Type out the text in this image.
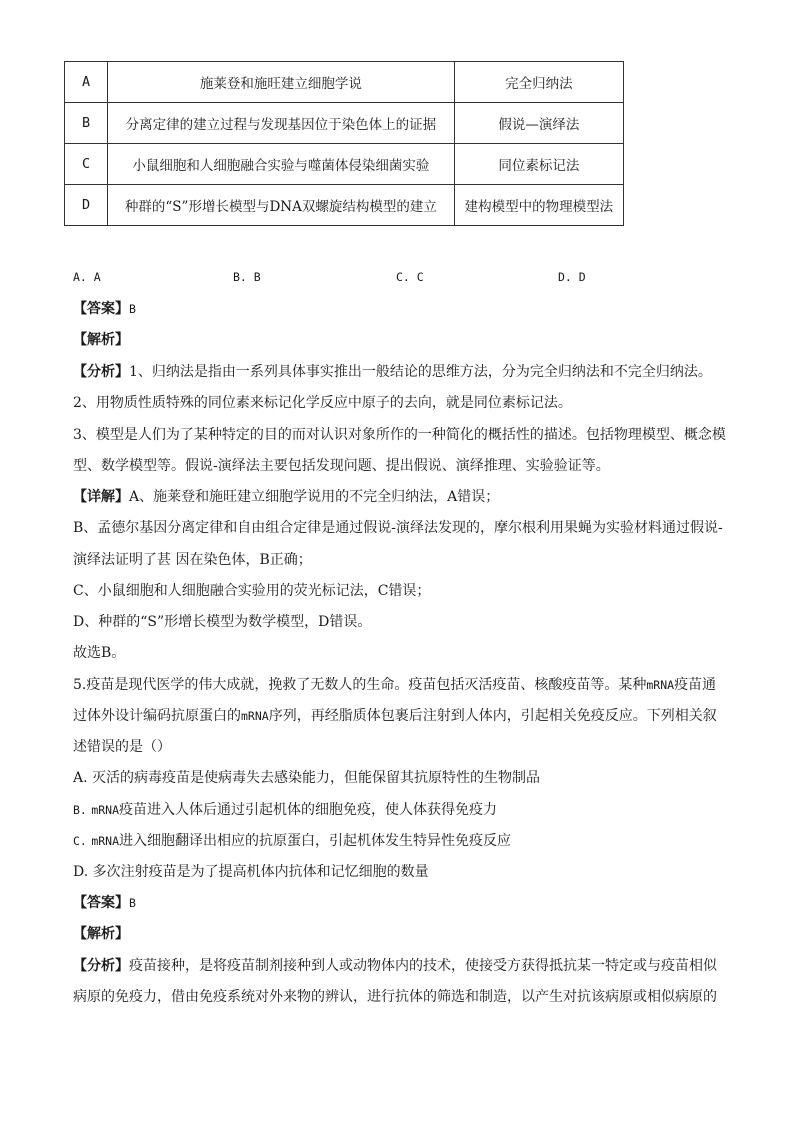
A	施莱登和施旺建立细胞学说	完全归纳法
B	分离定律的建立过程与发现基因位于染色体上的证据	假说—演绎法
C	小鼠细胞和人细胞融合实验与噬菌体侵染细菌实验	同位素标记法
D	种群的“S”形增长模型与DNA双螺旋结构模型的建立	建构模型中的物理模型法
A. A	B. B	C. C	D. D
【答案】B
【解析】
【分析】1、归纳法是指由一系列具体事实推出一般结论的思维方法，分为完全归纳法和不完全归纳法。
2、用物质性质特殊的同位素来标记化学反应中原子的去向，就是同位素标记法。
3、模型是人们为了某种特定的目的而对认识对象所作的一种简化的概括性的描述。包括物理模型、概念模
型、数学模型等。假说-演绎法主要包括发现问题、提出假说、演绎推理、实验验证等。
【详解】A、施莱登和施旺建立细胞学说用的不完全归纳法，A错误；
B、孟德尔基因分离定律和自由组合定律是通过假说-演绎法发现的，摩尔根利用果蝇为实验材料通过假说-
演绎法证明了甚 因在染色体，B正确；
C、小鼠细胞和人细胞融合实验用的荧光标记法，C错误；
D、种群的“S”形增长模型为数学模型，D错误。
故选B。
5.疫苗是现代医学的伟大成就，挽救了无数人的生命。疫苗包括灭活疫苗、核酸疫苗等。某种mRNA疫苗通
过体外设计编码抗原蛋白的mRNA序列，再经脂质体包裹后注射到人体内，引起相关免疫反应。下列相关叙
述错误的是（）
A. 灭活的病毒疫苗是使病毒失去感染能力，但能保留其抗原特性的生物制品
B. mRNA疫苗进入人体后通过引起机体的细胞免疫，使人体获得免疫力
C. mRNA进入细胞翻译出相应的抗原蛋白，引起机体发生特异性免疫反应
D. 多次注射疫苗是为了提高机体内抗体和记忆细胞的数量
【答案】B
【解析】
【分析】疫苗接种，是将疫苗制剂接种到人或动物体内的技术，使接受方获得抵抗某一特定或与疫苗相似
病原的免疫力，借由免疫系统对外来物的辨认，进行抗体的筛选和制造，以产生对抗该病原或相似病原的
